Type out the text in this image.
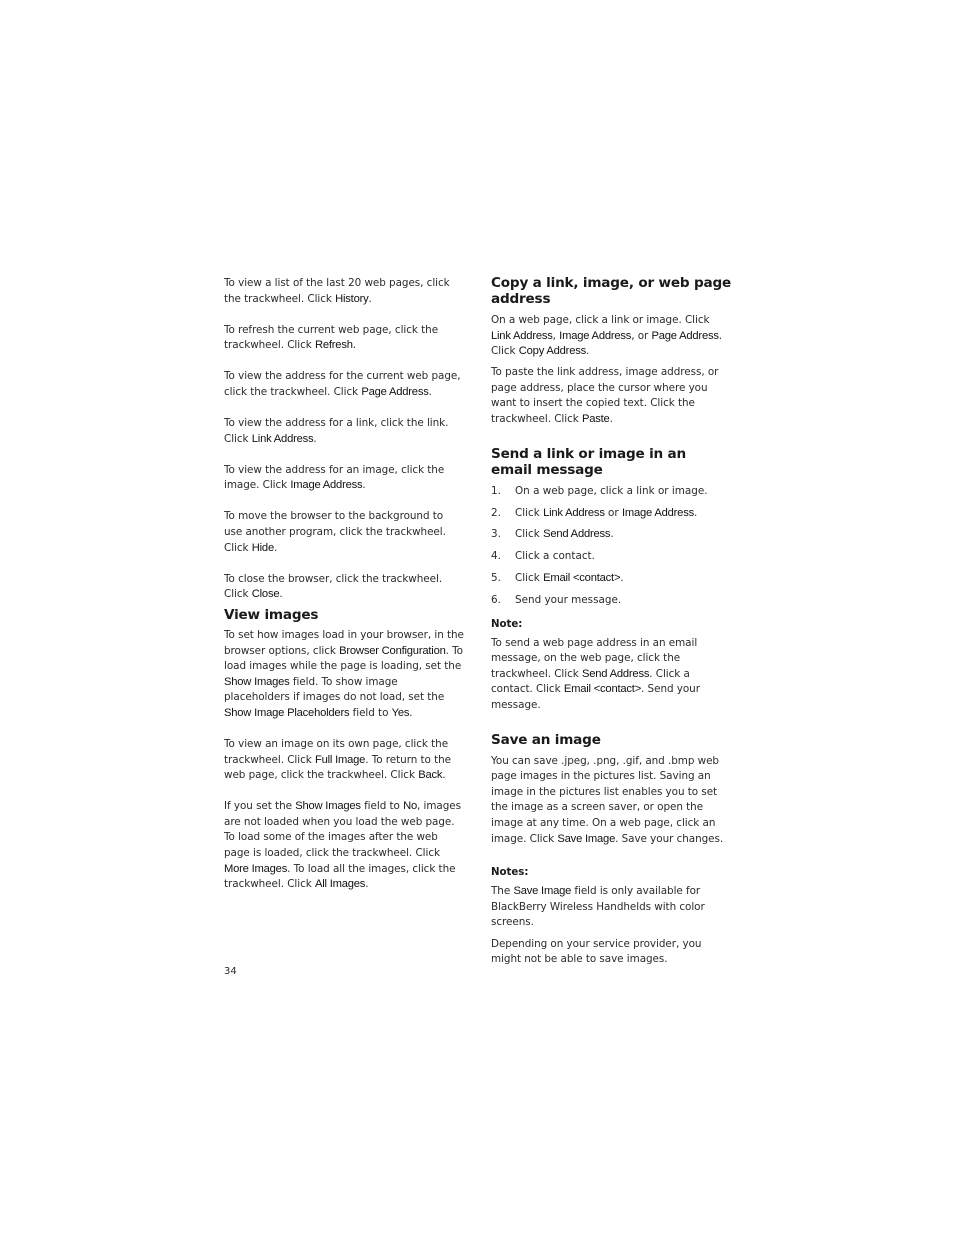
To view a list of the last 20 web pages, click the trackwheel. Click History.

To refresh the current web page, click the trackwheel. Click Refresh.

To view the address for the current web page, click the trackwheel. Click Page Address.

To view the address for a link, click the link. Click Link Address.

To view the address for an image, click the image. Click Image Address.

To move the browser to the background to use another program, click the trackwheel. Click Hide.

To close the browser, click the trackwheel. Click Close.

View images

To set how images load in your browser, in the browser options, click Browser Configuration. To load images while the page is loading, set the Show Images field. To show image placeholders if images do not load, set the Show Image Placeholders field to Yes.

To view an image on its own page, click the trackwheel. Click Full Image. To return to the web page, click the trackwheel. Click Back.

If you set the Show Images field to No, images are not loaded when you load the web page. To load some of the images after the web page is loaded, click the trackwheel. Click More Images. To load all the images, click the trackwheel. Click All Images.

Copy a link, image, or web page address

On a web page, click a link or image. Click Link Address, Image Address, or Page Address. Click Copy Address.

To paste the link address, image address, or page address, place the cursor where you want to insert the copied text. Click the trackwheel. Click Paste.

Send a link or image in an email message
1. On a web page, click a link or image.
2. Click Link Address or Image Address.
3. Click Send Address.
4. Click a contact.
5. Click Email <contact>.
6. Send your message.
Note:

To send a web page address in an email message, on the web page, click the trackwheel. Click Send Address. Click a contact. Click Email <contact>. Send your message.

Save an image

You can save .jpeg, .png, .gif, and .bmp web page images in the pictures list. Saving an image in the pictures list enables you to set the image as a screen saver, or open the image at any time. On a web page, click an image. Click Save Image. Save your changes.

Notes:

The Save Image field is only available for BlackBerry Wireless Handhelds with color screens.

Depending on your service provider, you might not be able to save images.

34
